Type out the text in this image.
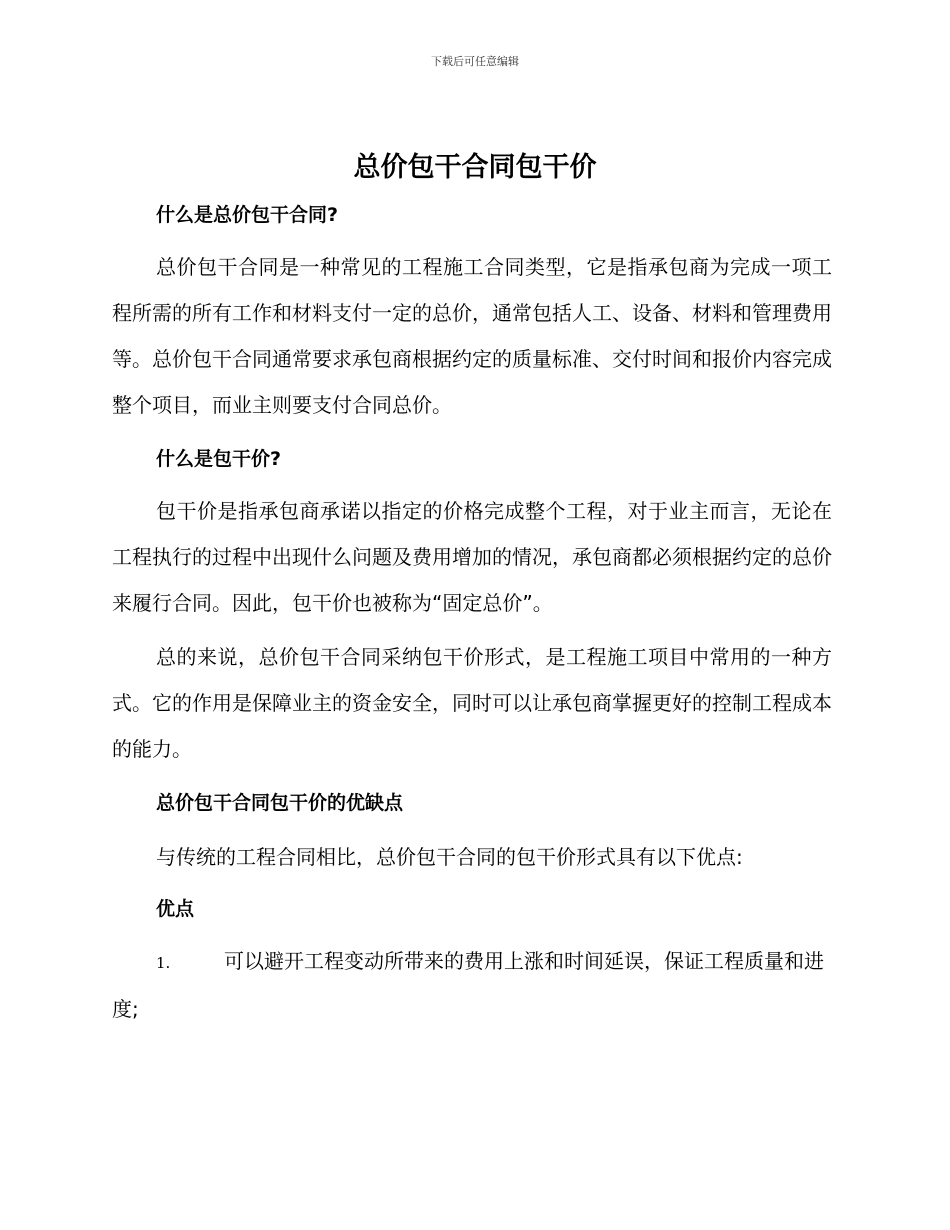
下载后可任意编辑
总价包干合同包干价

什么是总价包干合同?

总价包干合同是一种常见的工程施工合同类型，它是指承包商为完成一项工程所需的所有工作和材料支付一定的总价，通常包括人工、设备、材料和管理费用等。总价包干合同通常要求承包商根据约定的质量标准、交付时间和报价内容完成整个项目，而业主则要支付合同总价。

什么是包干价?

包干价是指承包商承诺以指定的价格完成整个工程，对于业主而言，无论在工程执行的过程中出现什么问题及费用增加的情况，承包商都必须根据约定的总价来履行合同。因此，包干价也被称为“固定总价”。

总的来说，总价包干合同采纳包干价形式，是工程施工项目中常用的一种方式。它的作用是保障业主的资金安全，同时可以让承包商掌握更好的控制工程成本的能力。

总价包干合同包干价的优缺点

与传统的工程合同相比，总价包干合同的包干价形式具有以下优点:

优点

1.	可以避开工程变动所带来的费用上涨和时间延误，保证工程质量和进度;
